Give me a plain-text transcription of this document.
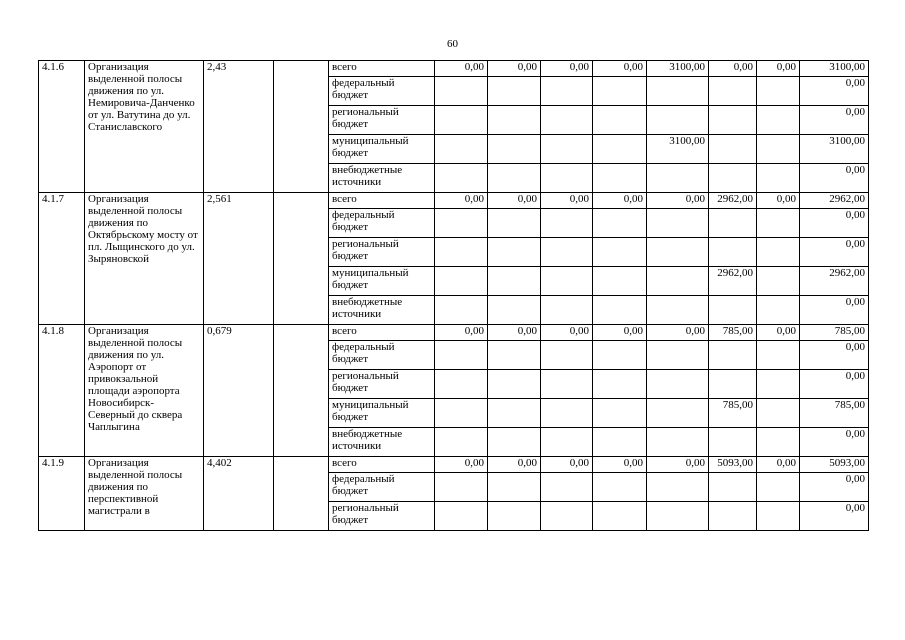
60
4.1.6	Организация выделенной полосы движения по ул. Немировича-Данченко от ул. Ватутина до ул. Станиславского	2,43		всего	0,00	0,00	0,00	0,00	3100,00	0,00	0,00	3100,00
				федеральный бюджет								0,00
				региональный бюджет								0,00
				муниципальный бюджет					3100,00			3100,00
				внебюджетные источники								0,00
4.1.7	Организация выделенной полосы движения по Октябрьскому мосту от пл. Лыщинского до ул. Зыряновской	2,561		всего	0,00	0,00	0,00	0,00	0,00	2962,00	0,00	2962,00
				федеральный бюджет								0,00
				региональный бюджет								0,00
				муниципальный бюджет						2962,00		2962,00
				внебюджетные источники								0,00
4.1.8	Организация выделенной полосы движения по ул. Аэропорт от привокзальной площади аэропорта Новосибирск-Северный до сквера Чаплыгина	0,679		всего	0,00	0,00	0,00	0,00	0,00	785,00	0,00	785,00
				федеральный бюджет								0,00
				региональный бюджет								0,00
				муниципальный бюджет						785,00		785,00
				внебюджетные источники								0,00
4.1.9	Организация выделенной полосы движения по перспективной магистрали в	4,402		всего	0,00	0,00	0,00	0,00	0,00	5093,00	0,00	5093,00
				федеральный бюджет								0,00
				региональный бюджет								0,00
